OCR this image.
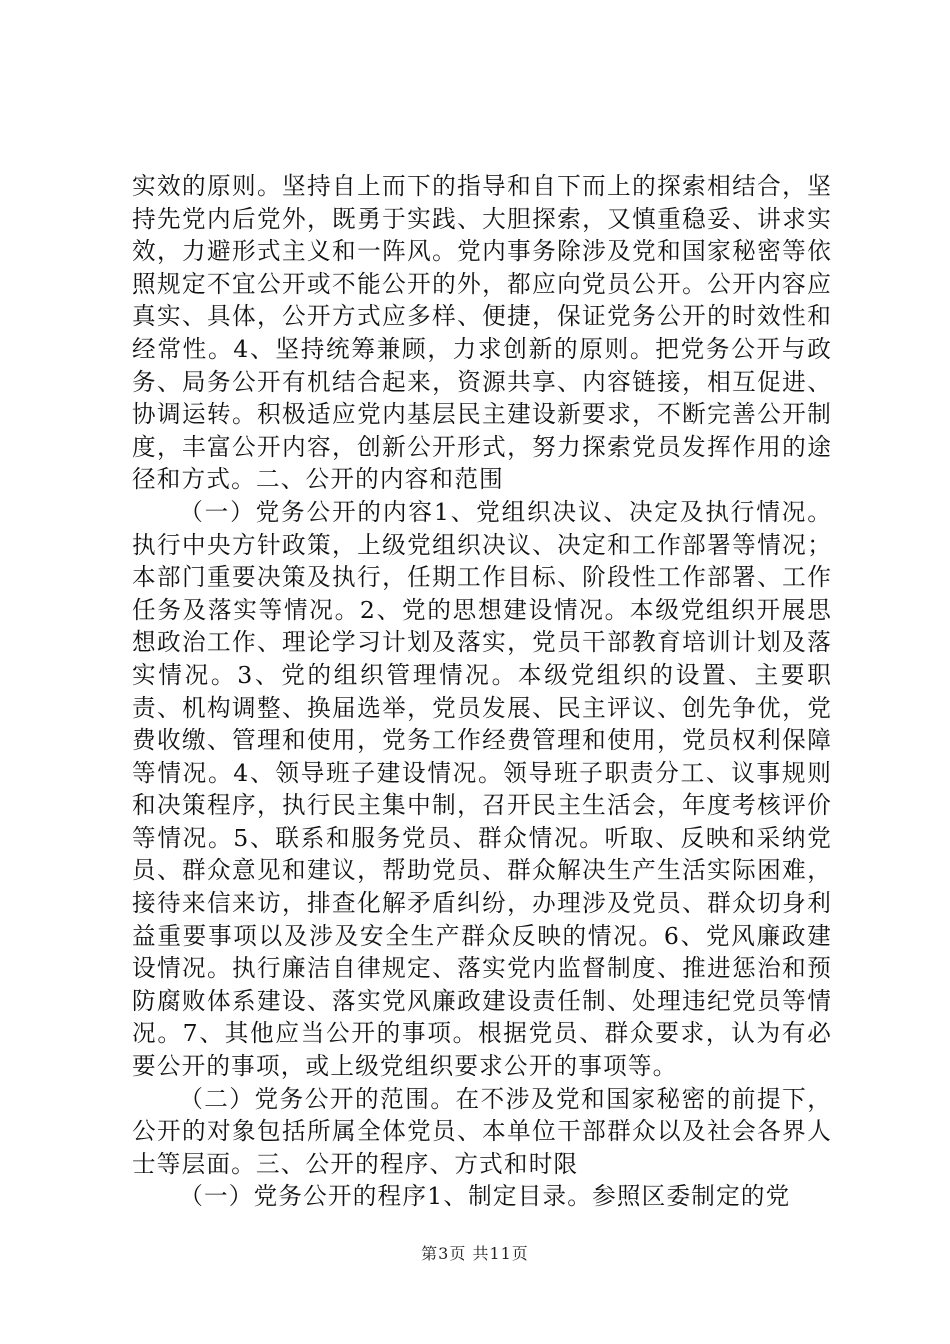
实效的原则。坚持自上而下的指导和自下而上的探索相结合，坚持先党内后党外，既勇于实践、大胆探索，又慎重稳妥、讲求实效，力避形式主义和一阵风。党内事务除涉及党和国家秘密等依照规定不宜公开或不能公开的外，都应向党员公开。公开内容应真实、具体，公开方式应多样、便捷，保证党务公开的时效性和经常性。4、坚持统筹兼顾，力求创新的原则。把党务公开与政务、局务公开有机结合起来，资源共享、内容链接，相互促进、协调运转。积极适应党内基层民主建设新要求，不断完善公开制度，丰富公开内容，创新公开形式，努力探索党员发挥作用的途径和方式。二、公开的内容和范围

（一）党务公开的内容1、党组织决议、决定及执行情况。执行中央方针政策，上级党组织决议、决定和工作部署等情况；本部门重要决策及执行，任期工作目标、阶段性工作部署、工作任务及落实等情况。2、党的思想建设情况。本级党组织开展思想政治工作、理论学习计划及落实，党员干部教育培训计划及落实情况。3、党的组织管理情况。本级党组织的设置、主要职责、机构调整、换届选举，党员发展、民主评议、创先争优，党费收缴、管理和使用，党务工作经费管理和使用，党员权利保障等情况。4、领导班子建设情况。领导班子职责分工、议事规则和决策程序，执行民主集中制，召开民主生活会，年度考核评价等情况。5、联系和服务党员、群众情况。听取、反映和采纳党员、群众意见和建议，帮助党员、群众解决生产生活实际困难，接待来信来访，排查化解矛盾纠纷，办理涉及党员、群众切身利益重要事项以及涉及安全生产群众反映的情况。6、党风廉政建设情况。执行廉洁自律规定、落实党内监督制度、推进惩治和预防腐败体系建设、落实党风廉政建设责任制、处理违纪党员等情况。7、其他应当公开的事项。根据党员、群众要求，认为有必要公开的事项，或上级党组织要求公开的事项等。

（二）党务公开的范围。在不涉及党和国家秘密的前提下，公开的对象包括所属全体党员、本单位干部群众以及社会各界人士等层面。三、公开的程序、方式和时限

（一）党务公开的程序1、制定目录。参照区委制定的党

第3页 共11页
